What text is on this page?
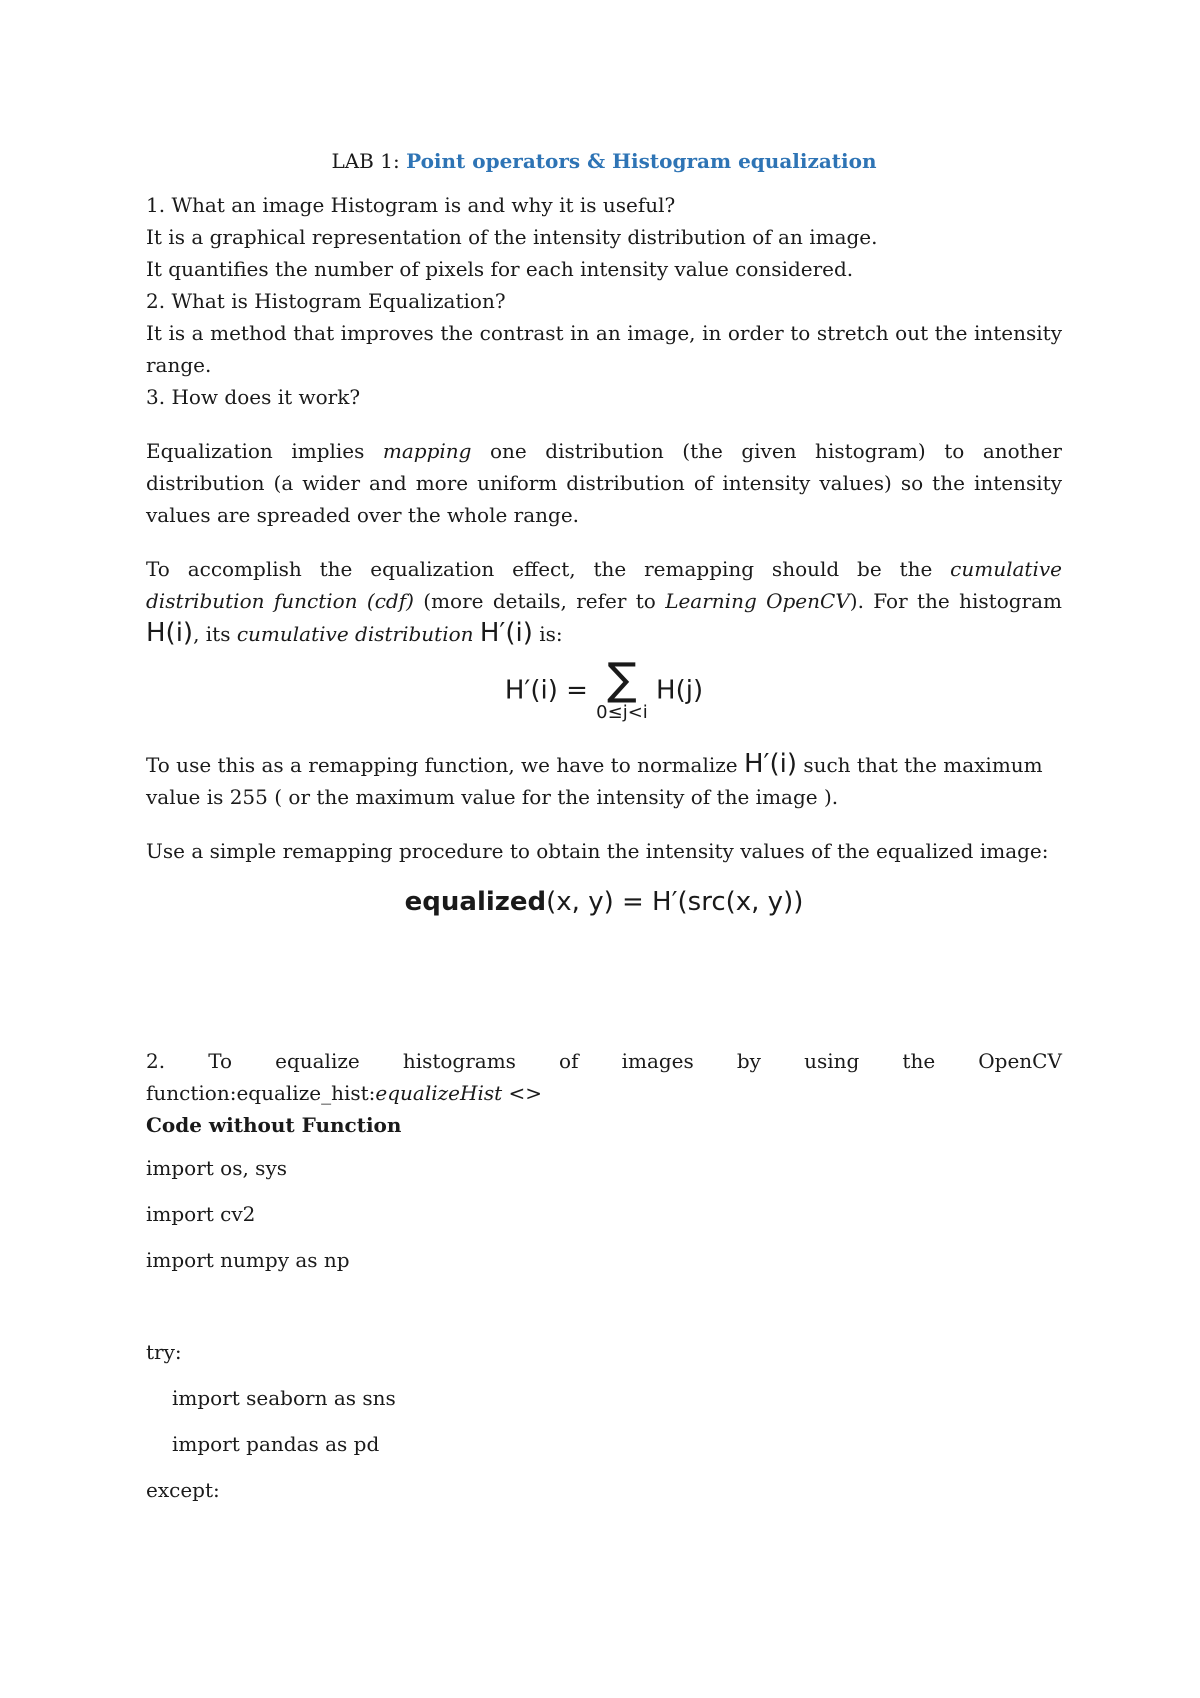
LAB 1: Point operators & Histogram equalization

1. What an image Histogram is and why it is useful?

It is a graphical representation of the intensity distribution of an image.

It quantifies the number of pixels for each intensity value considered.

2. What is Histogram Equalization?

It is a method that improves the contrast in an image, in order to stretch out the intensity range.

3. How does it work?

Equalization implies mapping one distribution (the given histogram) to another distribution (a wider and more uniform distribution of intensity values) so the intensity values are spreaded over the whole range.

To accomplish the equalization effect, the remapping should be the cumulative distribution function (cdf) (more details, refer to Learning OpenCV). For the histogram H(i), its cumulative distribution H′(i) is:

H′(i) = ∑
0≤j<i
H(j)

To use this as a remapping function, we have to normalize H′(i) such that the maximum value is 255 ( or the maximum value for the intensity of the image ).

Use a simple remapping procedure to obtain the intensity values of the equalized image:

equalized(x, y) = H′(src(x, y))
2. To equalize histograms of images by using the OpenCV

function:equalize_hist:equalizeHist <>

Code without Function

import os, sys

import cv2

import numpy as np

try:

import seaborn as sns

import pandas as pd

except:
